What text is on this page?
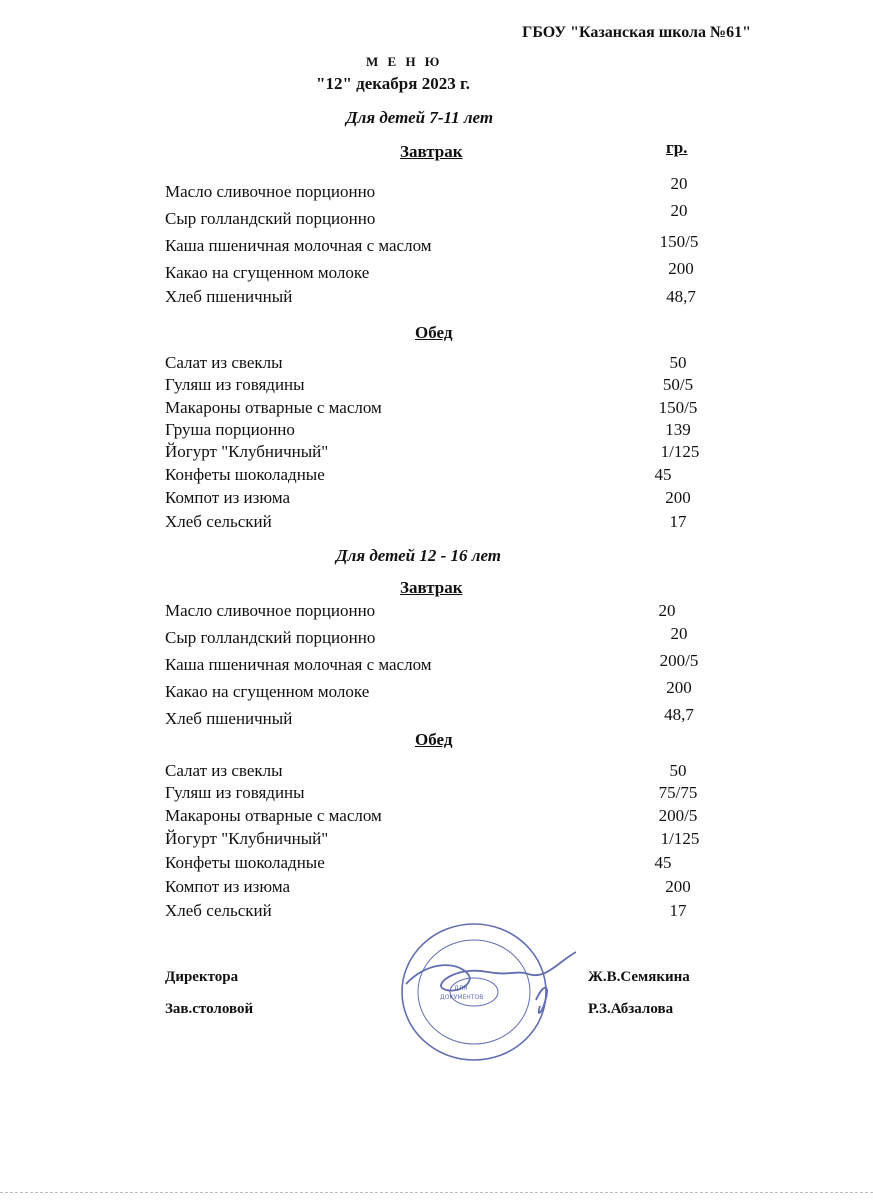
ГБОУ "Казанская школа №61"
М Е Н Ю
"12" декабря 2023 г.
Для детей 7-11 лет
Завтрак	гр.
Масло сливочное порционно	20
Сыр голландский порционно	20
Каша пшеничная молочная с маслом	150/5
Какао на сгущенном молоке	200
Хлеб пшеничный	48,7
Обед
Салат из свеклы	50
Гуляш из говядины	50/5
Макароны отварные с маслом	150/5
Груша порционно	139
Йогурт "Клубничный"	1/125
Конфеты шоколадные	45
Компот из изюма	200
Хлеб сельский	17
Для детей 12 - 16 лет
Завтрак
Масло сливочное порционно	20
Сыр голландский порционно	20
Каша пшеничная молочная с маслом	200/5
Какао на сгущенном молоке	200
Хлеб пшеничный	48,7
Обед
Салат из свеклы	50
Гуляш из говядины	75/75
Макароны отварные с маслом	200/5
Йогурт "Клубничный"	1/125
Конфеты шоколадные	45
Компот из изюма	200
Хлеб сельский	17
Директора	Ж.В.Семякина
Зав.столовой	Р.З.Абзалова
ДЛЯ
ДОКУМЕНТОВ
